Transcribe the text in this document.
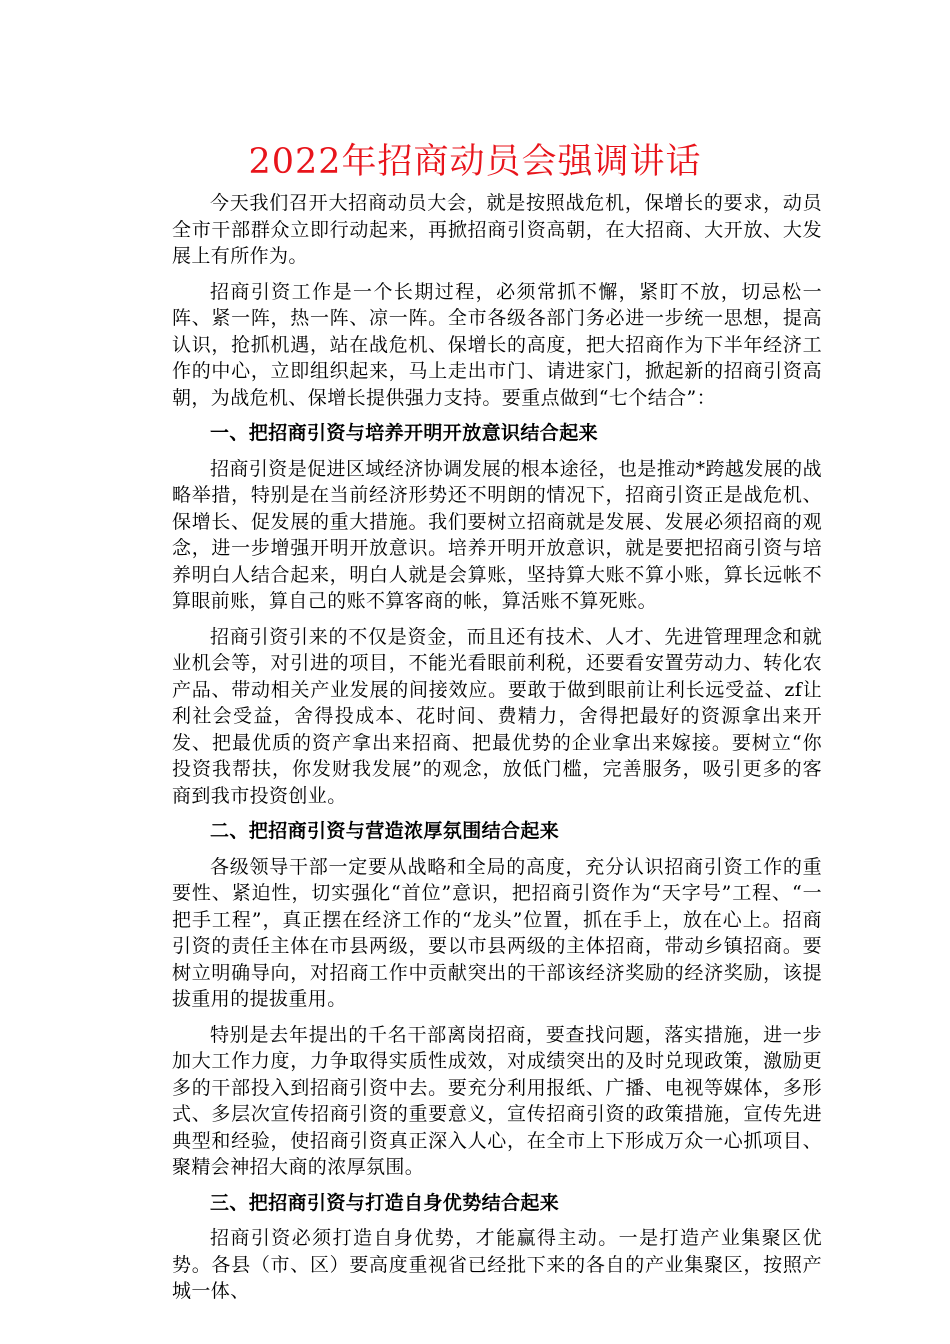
2022年招商动员会强调讲话

今天我们召开大招商动员大会，就是按照战危机，保增长的要求，动员全市干部群众立即行动起来，再掀招商引资高朝，在大招商、大开放、大发展上有所作为。

招商引资工作是一个长期过程，必须常抓不懈，紧盯不放，切忌松一阵、紧一阵，热一阵、凉一阵。全市各级各部门务必进一步统一思想，提高认识，抢抓机遇，站在战危机、保增长的高度，把大招商作为下半年经济工作的中心，立即组织起来，马上走出市门、请进家门，掀起新的招商引资高朝，为战危机、保增长提供强力支持。要重点做到“七个结合”：

一、把招商引资与培养开明开放意识结合起来

招商引资是促进区域经济协调发展的根本途径，也是推动*跨越发展的战略举措，特别是在当前经济形势还不明朗的情况下，招商引资正是战危机、保增长、促发展的重大措施。我们要树立招商就是发展、发展必须招商的观念，进一步增强开明开放意识。培养开明开放意识，就是要把招商引资与培养明白人结合起来，明白人就是会算账，坚持算大账不算小账，算长远帐不算眼前账，算自己的账不算客商的帐，算活账不算死账。

招商引资引来的不仅是资金，而且还有技术、人才、先进管理理念和就业机会等，对引进的项目，不能光看眼前利税，还要看安置劳动力、转化农产品、带动相关产业发展的间接效应。要敢于做到眼前让利长远受益、zf让利社会受益，舍得投成本、花时间、费精力，舍得把最好的资源拿出来开发、把最优质的资产拿出来招商、把最优势的企业拿出来嫁接。要树立“你投资我帮扶，你发财我发展”的观念，放低门槛，完善服务，吸引更多的客商到我市投资创业。

二、把招商引资与营造浓厚氛围结合起来

各级领导干部一定要从战略和全局的高度，充分认识招商引资工作的重要性、紧迫性，切实强化“首位”意识，把招商引资作为“天字号”工程、“一把手工程”，真正摆在经济工作的“龙头”位置，抓在手上，放在心上。招商引资的责任主体在市县两级，要以市县两级的主体招商，带动乡镇招商。要树立明确导向，对招商工作中贡献突出的干部该经济奖励的经济奖励，该提拔重用的提拔重用。

特别是去年提出的千名干部离岗招商，要查找问题，落实措施，进一步加大工作力度，力争取得实质性成效，对成绩突出的及时兑现政策，激励更多的干部投入到招商引资中去。要充分利用报纸、广播、电视等媒体，多形式、多层次宣传招商引资的重要意义，宣传招商引资的政策措施，宣传先进典型和经验，使招商引资真正深入人心，在全市上下形成万众一心抓项目、聚精会神招大商的浓厚氛围。

三、把招商引资与打造自身优势结合起来

招商引资必须打造自身优势，才能赢得主动。一是打造产业集聚区优势。各县（市、区）要高度重视省已经批下来的各自的产业集聚区，按照产城一体、
